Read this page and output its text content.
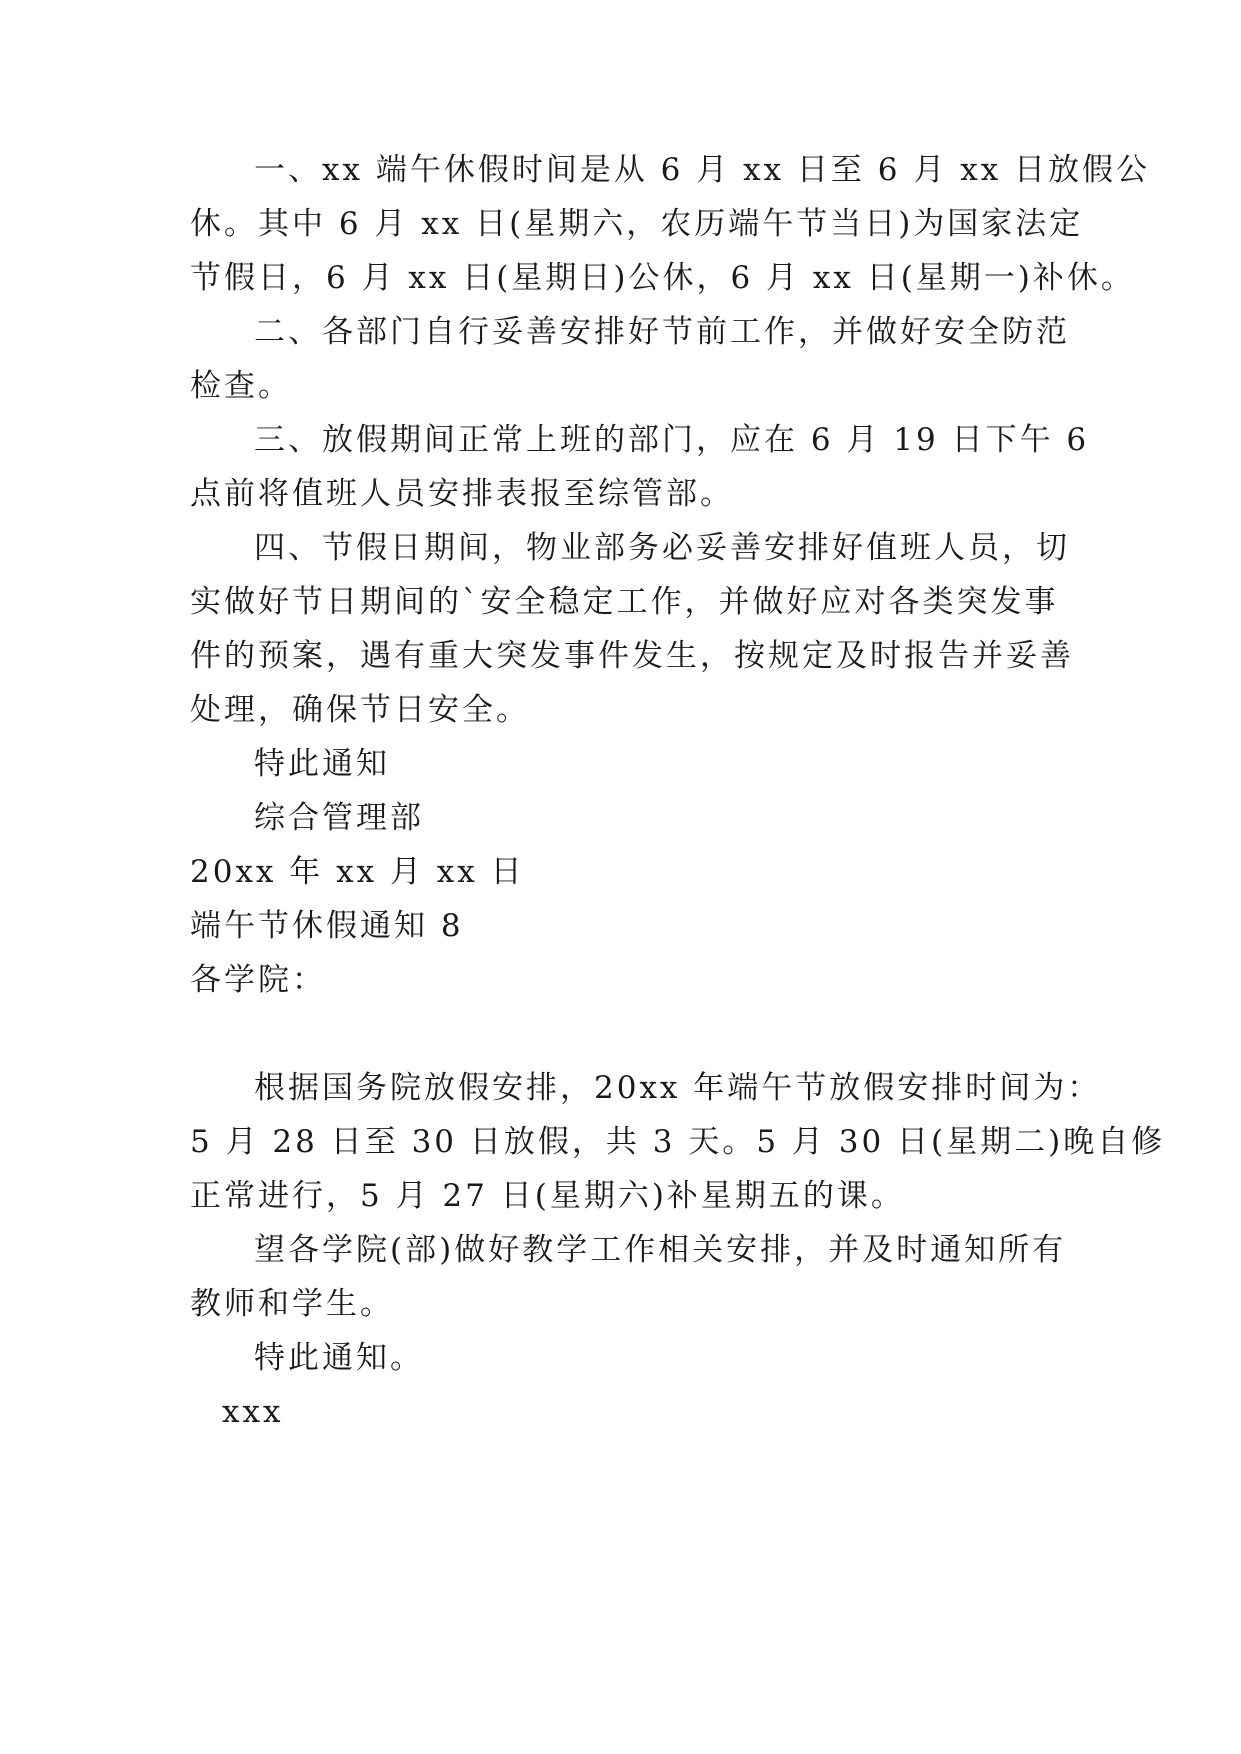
一、xx 端午休假时间是从 6 月 xx 日至 6 月 xx 日放假公
休。其中 6 月 xx 日(星期六，农历端午节当日)为国家法定
节假日，6 月 xx 日(星期日)公休，6 月 xx 日(星期一)补休。
二、各部门自行妥善安排好节前工作，并做好安全防范
检查。
三、放假期间正常上班的部门，应在 6 月 19 日下午 6
点前将值班人员安排表报至综管部。
四、节假日期间，物业部务必妥善安排好值班人员，切
实做好节日期间的`安全稳定工作，并做好应对各类突发事
件的预案，遇有重大突发事件发生，按规定及时报告并妥善
处理，确保节日安全。
特此通知
综合管理部
20xx 年 xx 月 xx 日
端午节休假通知 8
各学院：
根据国务院放假安排，20xx 年端午节放假安排时间为：
5 月 28 日至 30 日放假，共 3 天。5 月 30 日(星期二)晚自修
正常进行，5 月 27 日(星期六)补星期五的课。
望各学院(部)做好教学工作相关安排，并及时通知所有
教师和学生。
特此通知。
xxx
